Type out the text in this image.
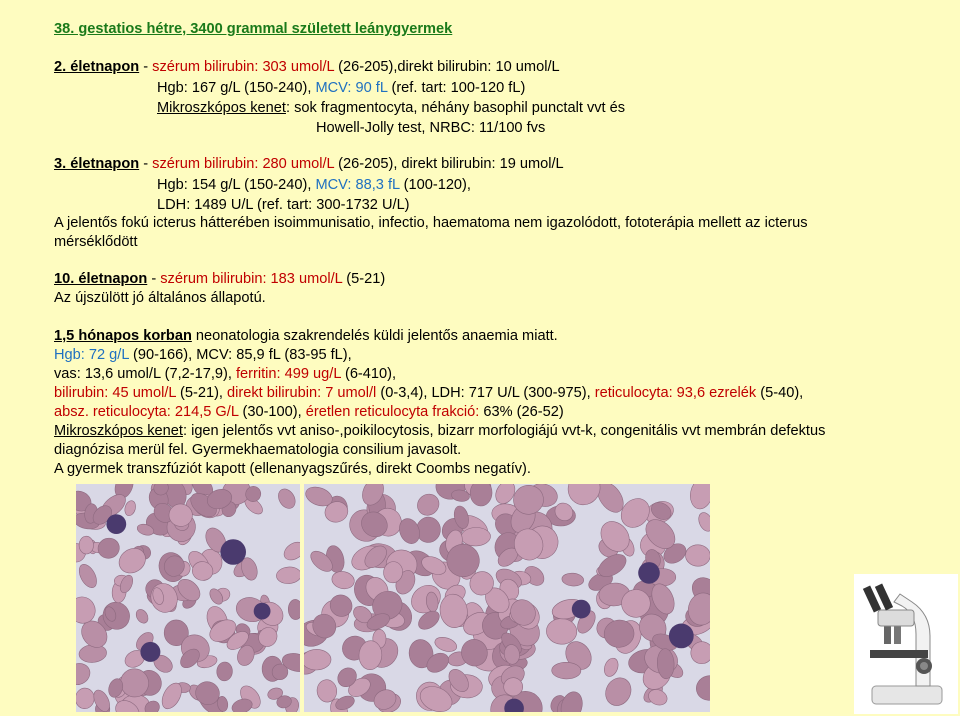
38. gestatios hétre, 3400 grammal született leánygyermek
2. életnapon - szérum bilirubin: 303 umol/L (26-205),direkt bilirubin: 10 umol/L
Hgb: 167 g/L (150-240), MCV: 90 fL (ref. tart: 100-120 fL)
Mikroszkópos kenet: sok fragmentocyta, néhány basophil punctalt vvt és
Howell-Jolly test, NRBC: 11/100 fvs
3. életnapon - szérum bilirubin: 280 umol/L (26-205), direkt bilirubin: 19 umol/L
Hgb: 154 g/L (150-240), MCV: 88,3 fL (100-120),
LDH: 1489 U/L (ref. tart: 300-1732 U/L)
A jelentős fokú icterus hátterében isoimmunisatio, infectio, haematoma nem igazolódott, fototerápia mellett az icterus
mérséklődött
10. életnapon - szérum bilirubin: 183 umol/L (5-21)
Az újszülött jó általános állapotú.
1,5 hónapos korban neonatologia szakrendelés küldi jelentős anaemia miatt.
Hgb: 72 g/L (90-166), MCV: 85,9 fL (83-95 fL),
vas: 13,6 umol/L (7,2-17,9), ferritin: 499 ug/L (6-410),
bilirubin: 45 umol/L (5-21), direkt bilirubin: 7 umol/l (0-3,4), LDH: 717 U/L (300-975), reticulocyta: 93,6 ezrelék (5-40),
absz. reticulocyta: 214,5 G/L (30-100), éretlen reticulocyta frakció: 63% (26-52)
Mikroszkópos kenet: igen jelentős vvt aniso-,poikilocytosis, bizarr morfologiájú vvt-k, congenitális vvt membrán defektus
diagnózisa merül fel. Gyermekhaematologia consilium javasolt.
A gyermek transzfúziót kapott (ellenanyagszűrés, direkt Coombs negatív).
